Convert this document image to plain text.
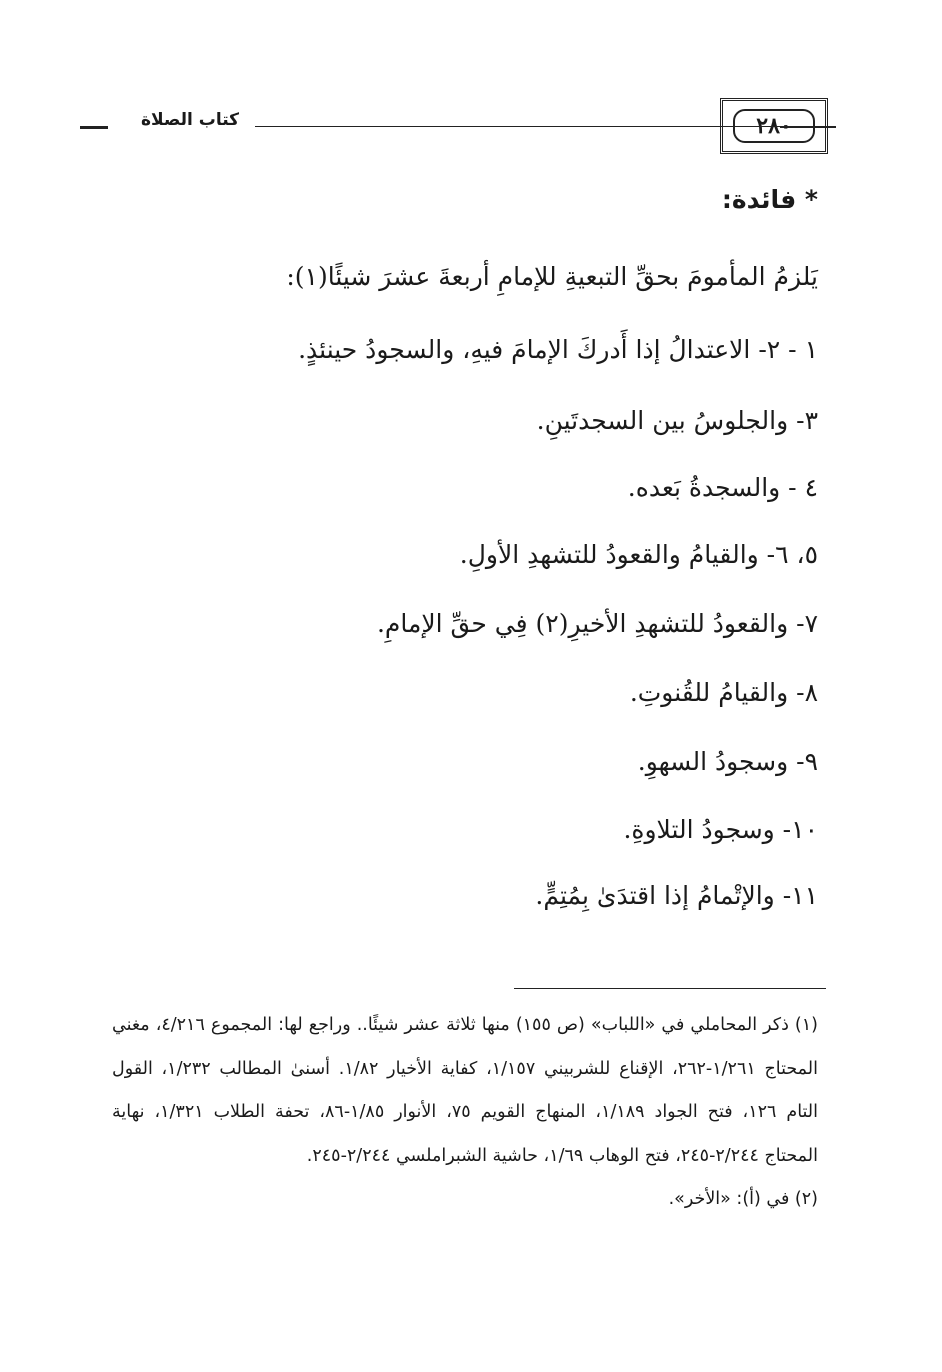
٢٨٠
كتاب الصلاة
* فائدة:
يَلزمُ المأمومَ بحقِّ التبعيةِ للإمامِ أربعةَ عشرَ شيئًا(١):
١ - ٢- الاعتدالُ إذا أَدركَ الإمامَ فيهِ، والسجودُ حينئذٍ.
٣- والجلوسُ بين السجدتَينِ.
٤ - والسجدةُ بَعده.
٥، ٦- والقيامُ والقعودُ للتشهدِ الأولِ.
٧- والقعودُ للتشهدِ الأخيرِ(٢) فِي حقِّ الإمامِ.
٨- والقيامُ للقُنوتِ.
٩- وسجودُ السهوِ.
١٠- وسجودُ التلاوةِ.
١١- والإتْمامُ إذا اقتدَىٰ بِمُتِمٍّ.

(١) ذكر المحاملي في «اللباب» (ص ١٥٥) منها ثلاثة عشر شيئًا.. وراجع لها: المجموع ٤/٢١٦، مغني المحتاج ١/٢٦١-٢٦٢، الإقناع للشربيني ١/١٥٧، كفاية الأخيار ١/٨٢. أسنىٰ المطالب ١/٢٣٢، القول التام ١٢٦، فتح الجواد ١/١٨٩، المنهاج القويم ٧٥، الأنوار ١/٨٥-٨٦، تحفة الطلاب ١/٣٢١، نهاية المحتاج ٢/٢٤٤-٢٤٥، فتح الوهاب ١/٦٩، حاشية الشبراملسي ٢/٢٤٤-٢٤٥.

(٢) في (أ): «الأخر».
